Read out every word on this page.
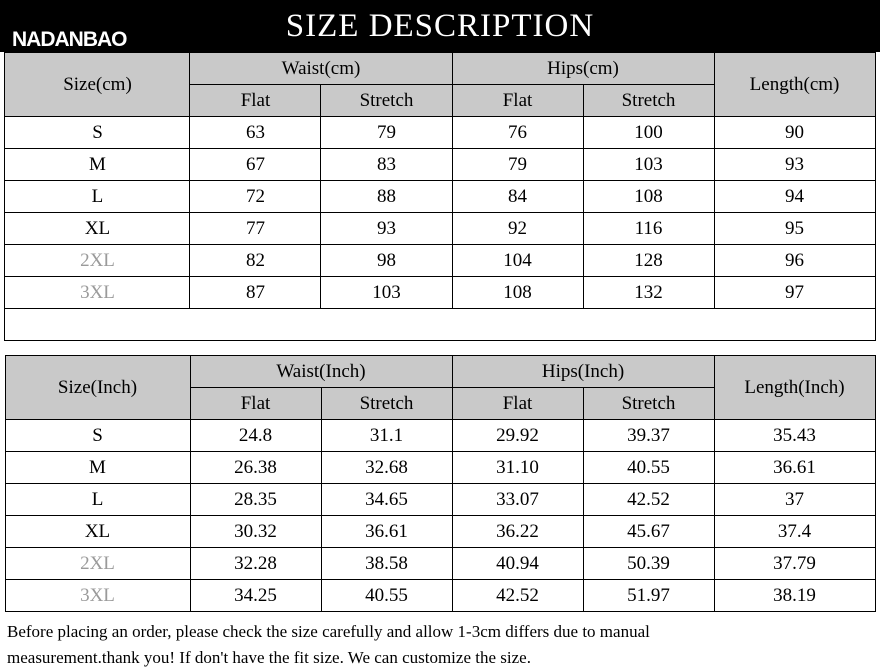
SIZE DESCRIPTION
NADANBAO
Size(cm)	Waist(cm)		Hips(cm)		Length(cm)
	Flat	Stretch	Flat	Stretch	
S	63	79	76	100	90
M	67	83	79	103	93
L	72	88	84	108	94
XL	77	93	92	116	95
2XL	82	98	104	128	96
3XL	87	103	108	132	97

Size(Inch)	Waist(Inch)		Hips(Inch)		Length(Inch)
	Flat	Stretch	Flat	Stretch	
S	24.8	31.1	29.92	39.37	35.43
M	26.38	32.68	31.10	40.55	36.61
L	28.35	34.65	33.07	42.52	37
XL	30.32	36.61	36.22	45.67	37.4
2XL	32.28	38.58	40.94	50.39	37.79
3XL	34.25	40.55	42.52	51.97	38.19
Before placing an order, please check the size carefully and allow 1-3cm differs due to manual
measurement.thank you! If don't have the fit size. We can customize the size.
